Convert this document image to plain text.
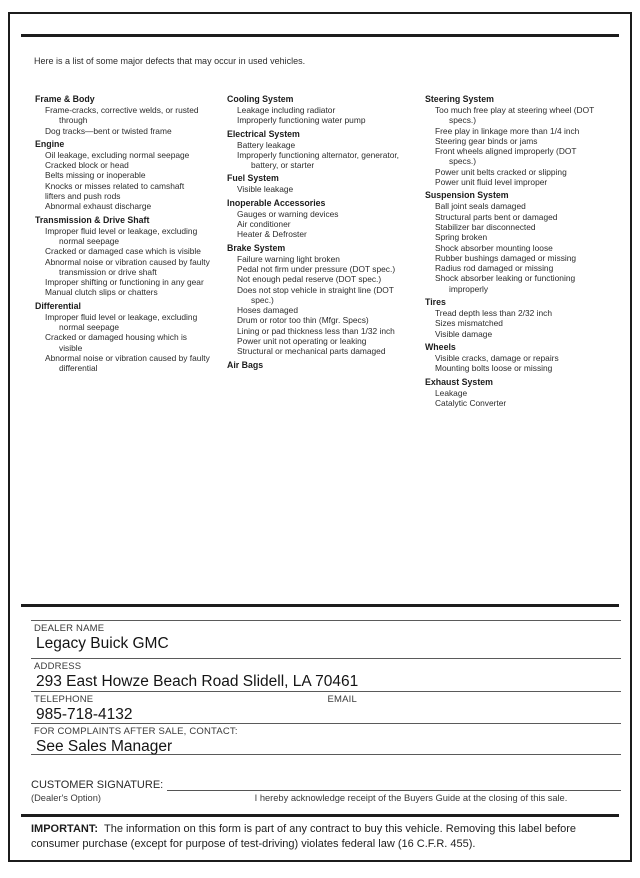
Here is a list of some major defects that may occur in used vehicles.
Frame & Body
Frame-cracks, corrective welds, or rusted through
Dog tracks—bent or twisted frame
Engine
Oil leakage, excluding normal seepage
Cracked block or head
Belts missing or inoperable
Knocks or misses related to camshaft
lifters and push rods
Abnormal exhaust discharge
Transmission & Drive Shaft
Improper fluid level or leakage, excluding normal seepage
Cracked or damaged case which is visible
Abnormal noise or vibration caused by faulty transmission or drive shaft
Improper shifting or functioning in any gear
Manual clutch slips or chatters
Differential
Improper fluid level or leakage, excluding normal seepage
Cracked or damaged housing which is visible
Abnormal noise or vibration caused by faulty differential
Cooling System
Leakage including radiator
Improperly functioning water pump
Electrical System
Battery leakage
Improperly functioning alternator, generator, battery, or starter
Fuel System
Visible leakage
Inoperable Accessories
Gauges or warning devices
Air conditioner
Heater & Defroster
Brake System
Failure warning light broken
Pedal not firm under pressure (DOT spec.)
Not enough pedal reserve (DOT spec.)
Does not stop vehicle in straight line (DOT spec.)
Hoses damaged
Drum or rotor too thin (Mfgr. Specs)
Lining or pad thickness less than 1/32 inch
Power unit not operating or leaking
Structural or mechanical parts damaged
Air Bags
Steering System
Too much free play at steering wheel (DOT specs.)
Free play in linkage more than 1/4 inch
Steering gear binds or jams
Front wheels aligned improperly (DOT specs.)
Power unit belts cracked or slipping
Power unit fluid level improper
Suspension System
Ball joint seals damaged
Structural parts bent or damaged
Stabilizer bar disconnected
Spring broken
Shock absorber mounting loose
Rubber bushings damaged or missing
Radius rod damaged or missing
Shock absorber leaking or functioning improperly
Tires
Tread depth less than 2/32 inch
Sizes mismatched
Visible damage
Wheels
Visible cracks, damage or repairs
Mounting bolts loose or missing
Exhaust System
Leakage
Catalytic Converter
DEALER NAME
Legacy Buick GMC
ADDRESS
293 East Howze Beach Road Slidell, LA 70461
TELEPHONE
985-718-4132
EMAIL
FOR COMPLAINTS AFTER SALE, CONTACT:
See Sales Manager
CUSTOMER SIGNATURE:
(Dealer's Option)	I hereby acknowledge receipt of the Buyers Guide at the closing of this sale.
IMPORTANT: The information on this form is part of any contract to buy this vehicle. Removing this label before consumer purchase (except for purpose of test-driving) violates federal law (16 C.F.R. 455).
